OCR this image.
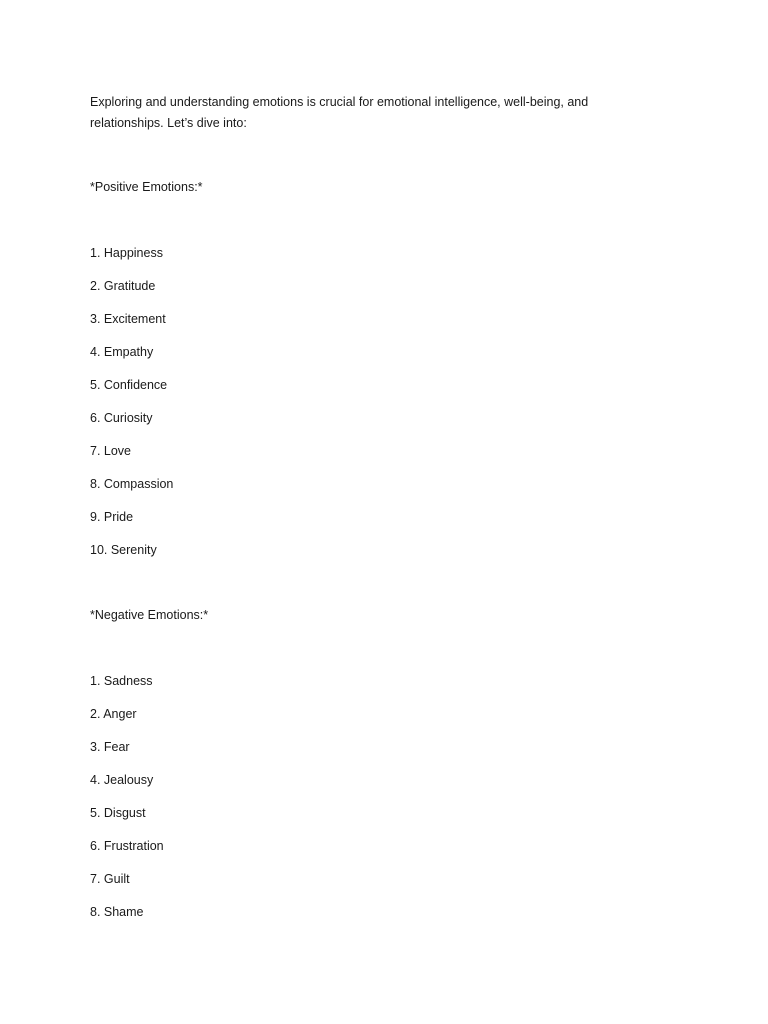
Exploring and understanding emotions is crucial for emotional intelligence, well-being, and relationships. Let’s dive into:

*Positive Emotions:*

1. Happiness
2. Gratitude
3. Excitement
4. Empathy
5. Confidence
6. Curiosity
7. Love
8. Compassion
9. Pride
10. Serenity

*Negative Emotions:*

1. Sadness
2. Anger
3. Fear
4. Jealousy
5. Disgust
6. Frustration
7. Guilt
8. Shame
